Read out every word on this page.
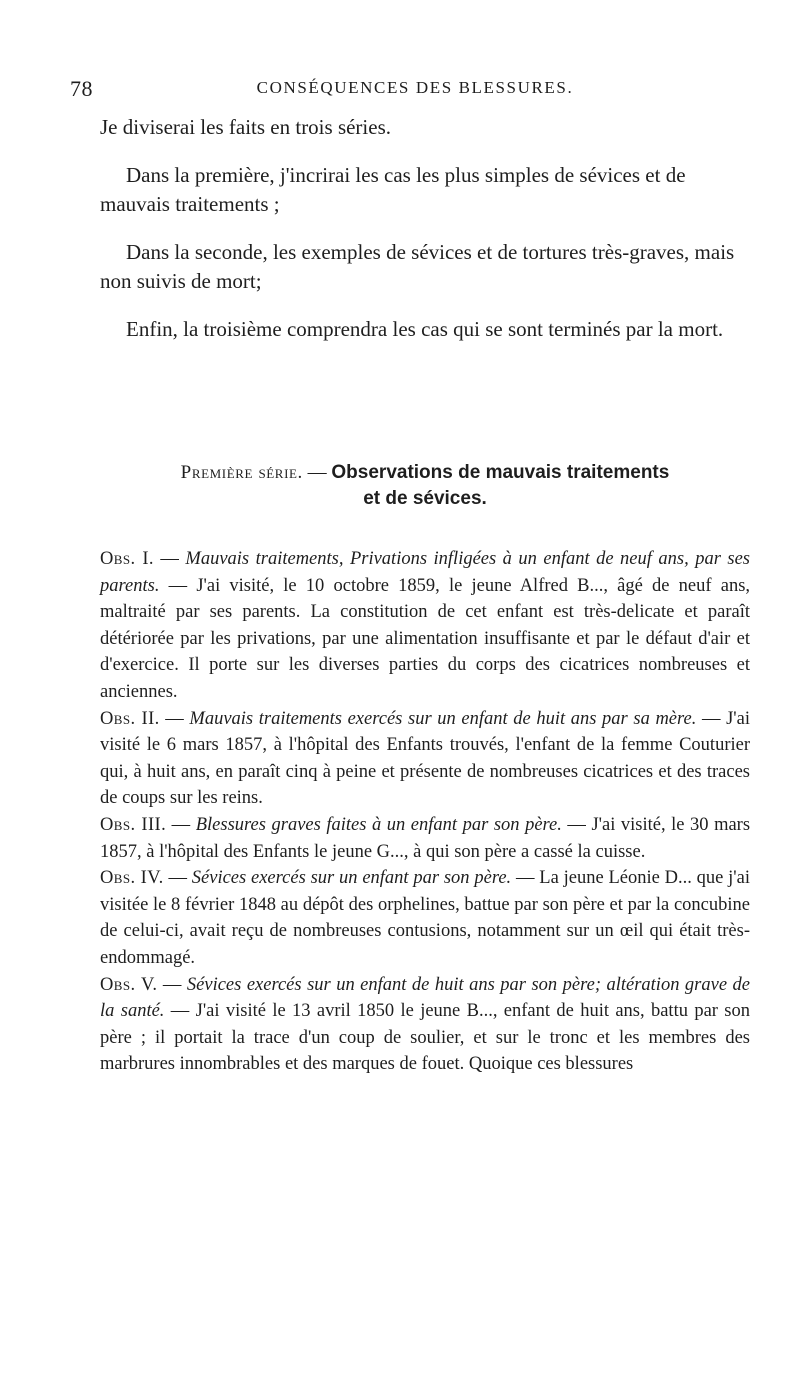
78	CONSÉQUENCES DES BLESSURES.

Je diviserai les faits en trois séries.

Dans la première, j'incrirai les cas les plus simples de sévices et de mauvais traitements ;

Dans la seconde, les exemples de sévices et de tortures très-graves, mais non suivis de mort;

Enfin, la troisième comprendra les cas qui se sont terminés par la mort.

Première série. — Observations de mauvais traitements
et de sévices.

Obs. I. — Mauvais traitements, Privations infligées à un enfant de neuf ans, par ses parents. — J'ai visité, le 10 octobre 1859, le jeune Alfred B..., âgé de neuf ans, maltraité par ses parents. La constitution de cet enfant est très-delicate et paraît détériorée par les privations, par une alimentation insuffisante et par le défaut d'air et d'exercice. Il porte sur les diverses parties du corps des cicatrices nombreuses et anciennes.

Obs. II. — Mauvais traitements exercés sur un enfant de huit ans par sa mère. — J'ai visité le 6 mars 1857, à l'hôpital des Enfants trouvés, l'enfant de la femme Couturier qui, à huit ans, en paraît cinq à peine et présente de nombreuses cicatrices et des traces de coups sur les reins.

Obs. III. — Blessures graves faites à un enfant par son père. — J'ai visité, le 30 mars 1857, à l'hôpital des Enfants le jeune G..., à qui son père a cassé la cuisse.

Obs. IV. — Sévices exercés sur un enfant par son père. — La jeune Léonie D... que j'ai visitée le 8 février 1848 au dépôt des orphelines, battue par son père et par la concubine de celui-ci, avait reçu de nombreuses contusions, notamment sur un œil qui était très-endommagé.

Obs. V. — Sévices exercés sur un enfant de huit ans par son père; altération grave de la santé. — J'ai visité le 13 avril 1850 le jeune B..., enfant de huit ans, battu par son père ; il portait la trace d'un coup de soulier, et sur le tronc et les membres des marbrures innombrables et des marques de fouet. Quoique ces blessures
